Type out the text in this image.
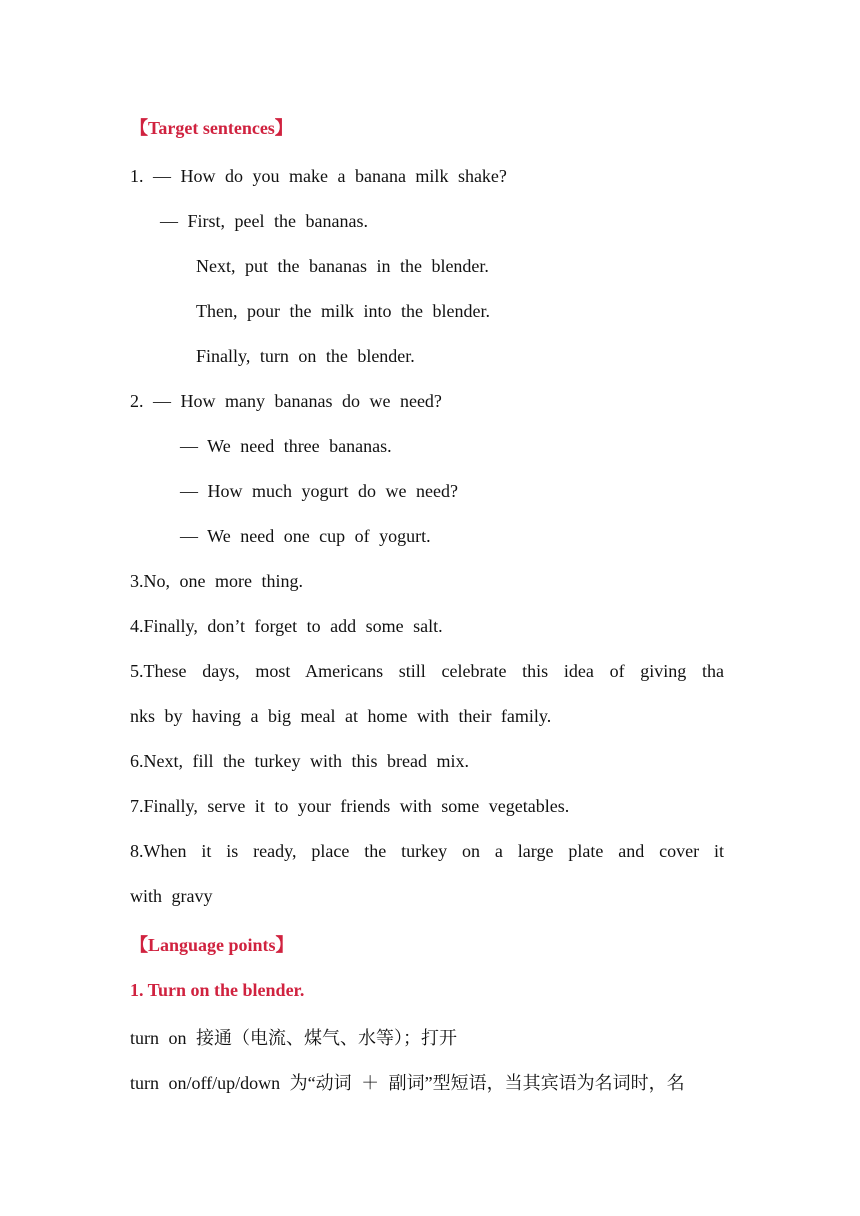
【Target sentences】
1. — How do you make a banana milk shake?
— First, peel the bananas.
Next, put the bananas in the blender.
Then, pour the milk into the blender.
Finally, turn on the blender.
2. — How many bananas do we need?
— We need three bananas.
— How much yogurt do we need?
— We need one cup of yogurt.
3.No, one more thing.
4.Finally, don’t forget to add some salt.
5.These days, most Americans still celebrate this idea of giving tha
nks by having a big meal at home with their family.
6.Next, fill the turkey with this bread mix.
7.Finally, serve it to your friends with some vegetables.
8.When it is ready, place the turkey on a large plate and cover it
with gravy
【Language points】
1. Turn on the blender.
turn on 接通（电流、煤气、水等）；打开
turn on/off/up/down 为“动词 ＋ 副词”型短语，当其宾语为名词时，名
